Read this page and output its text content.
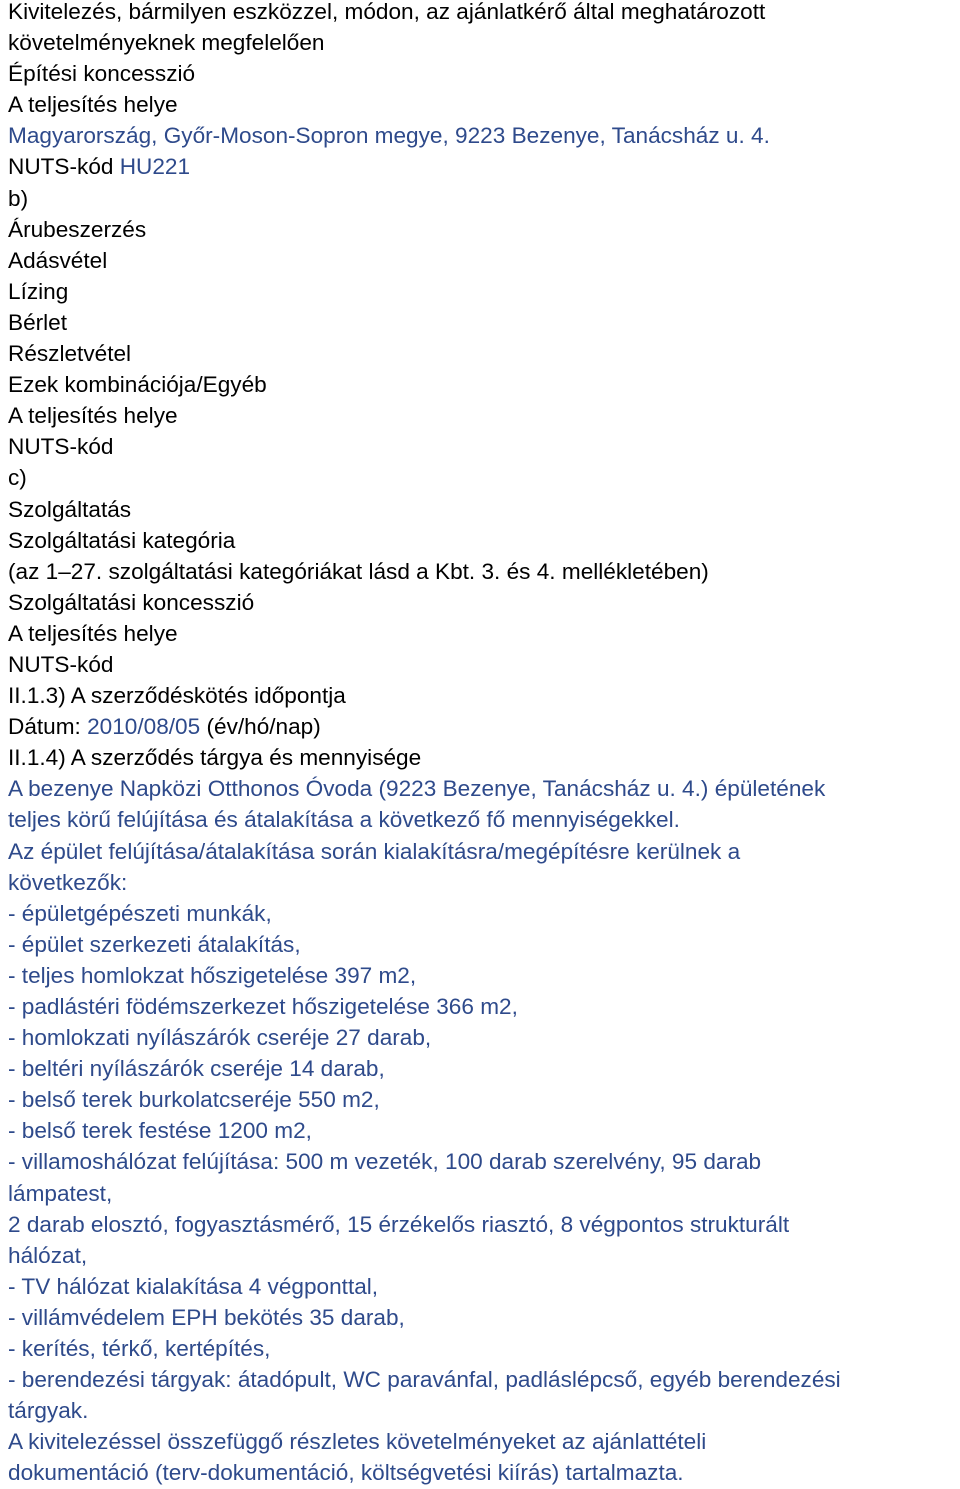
Kivitelezés, bármilyen eszközzel, módon, az ajánlatkérő által meghatározott
követelményeknek megfelelően
Építési koncesszió
A teljesítés helye
Magyarország, Győr-Moson-Sopron megye, 9223 Bezenye, Tanácsház u. 4.
NUTS-kód HU221
b)
Árubeszerzés
Adásvétel
Lízing
Bérlet
Részletvétel
Ezek kombinációja/Egyéb
A teljesítés helye
NUTS-kód
c)
Szolgáltatás
Szolgáltatási kategória
(az 1–27. szolgáltatási kategóriákat lásd a Kbt. 3. és 4. mellékletében)
Szolgáltatási koncesszió
A teljesítés helye
NUTS-kód
II.1.3) A szerződéskötés időpontja
Dátum: 2010/08/05 (év/hó/nap)
II.1.4) A szerződés tárgya és mennyisége
A bezenye Napközi Otthonos Óvoda (9223 Bezenye, Tanácsház u. 4.) épületének
teljes körű felújítása és átalakítása a következő fő mennyiségekkel.
Az épület felújítása/átalakítása során kialakításra/megépítésre kerülnek a
következők:
- épületgépészeti munkák,
- épület szerkezeti átalakítás,
- teljes homlokzat hőszigetelése 397 m2,
- padlástéri födémszerkezet hőszigetelése 366 m2,
- homlokzati nyílászárók cseréje 27 darab,
- beltéri nyílászárók cseréje 14 darab,
- belső terek burkolatcseréje 550 m2,
- belső terek festése 1200 m2,
- villamoshálózat felújítása: 500 m vezeték, 100 darab szerelvény, 95 darab
lámpatest,
2 darab elosztó, fogyasztásmérő, 15 érzékelős riasztó, 8 végpontos strukturált
hálózat,
- TV hálózat kialakítása 4 végponttal,
- villámvédelem EPH bekötés 35 darab,
- kerítés, térkő, kertépítés,
- berendezési tárgyak: átadópult, WC paravánfal, padláslépcső, egyéb berendezési
tárgyak.
A kivitelezéssel összefüggő részletes követelményeket az ajánlattételi
dokumentáció (terv-dokumentáció, költségvetési kiírás) tartalmazta.
